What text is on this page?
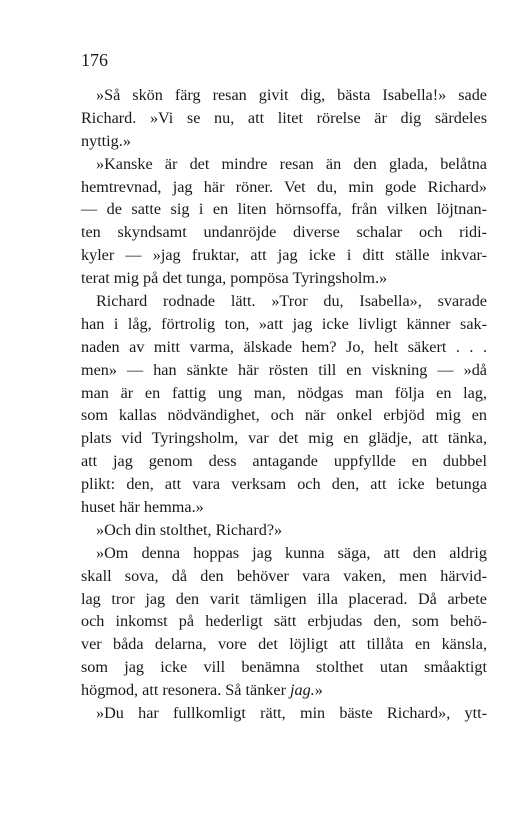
176

»Så skön färg resan givit dig, bästa Isabella!» sade
Richard. »Vi se nu, att litet rörelse är dig särdeles
nyttig.»
»Kanske är det mindre resan än den glada, belåtna
hemtrevnad, jag här röner. Vet du, min gode Richard»
— de satte sig i en liten hörnsoffa, från vilken löjtnan-
ten skyndsamt undanröjde diverse schalar och ridi-
kyler — »jag fruktar, att jag icke i ditt ställe inkvar-
terat mig på det tunga, pompösa Tyringsholm.»
Richard rodnade lätt. »Tror du, Isabella», svarade
han i låg, förtrolig ton, »att jag icke livligt känner sak-
naden av mitt varma, älskade hem? Jo, helt säkert . . .
men» — han sänkte här rösten till en viskning — »då
man är en fattig ung man, nödgas man följa en lag,
som kallas nödvändighet, och när onkel erbjöd mig en
plats vid Tyringsholm, var det mig en glädje, att tänka,
att jag genom dess antagande uppfyllde en dubbel
plikt: den, att vara verksam och den, att icke betunga
huset här hemma.»
»Och din stolthet, Richard?»
»Om denna hoppas jag kunna säga, att den aldrig
skall sova, då den behöver vara vaken, men härvid-
lag tror jag den varit tämligen illa placerad. Då arbete
och inkomst på hederligt sätt erbjudas den, som behö-
ver båda delarna, vore det löjligt att tillåta en känsla,
som jag icke vill benämna stolthet utan småaktigt
högmod, att resonera. Så tänker jag.»
»Du har fullkomligt rätt, min bäste Richard», ytt-
